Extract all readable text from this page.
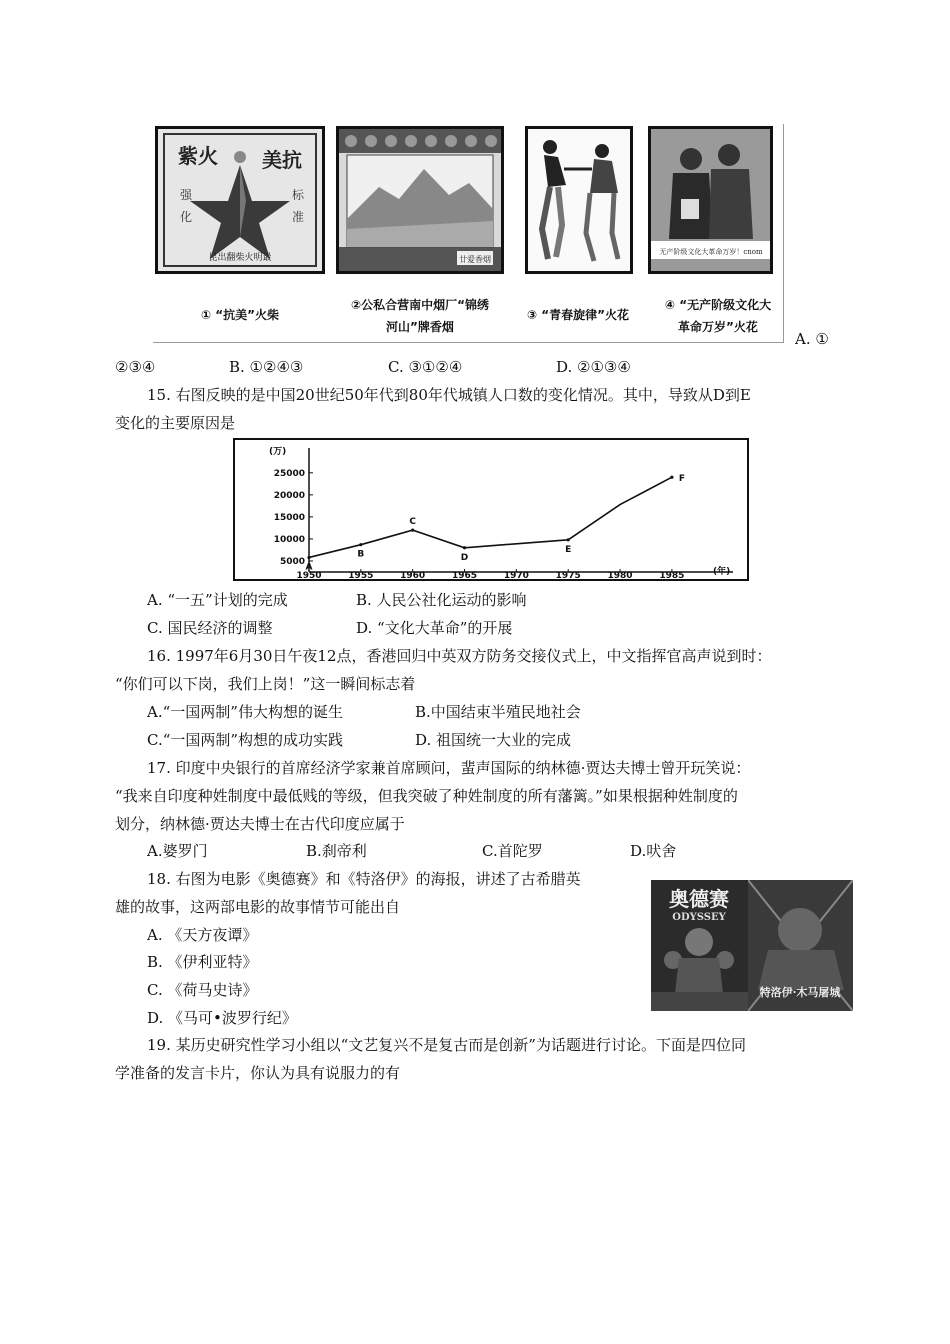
紫火 美抗
强
化
标
准
昆出翻柴火明最	廿爱香烟
无产阶级文化大革命万岁！cnom
① “抗美”火柴
②公私合营南中烟厂“锦绣
河山”牌香烟
③ “青春旋律”火花
④ “无产阶级文化大
革命万岁”火花
A. ①
②③④	B. ①②④③	C. ③①②④	D. ②①③④
15. 右图反映的是中国20世纪50年代到80年代城镇人口数的变化情况。其中，导致从D到E
变化的主要原因是
(万)
(年)
5000
10000
15000
20000
25000
1950	1955	1960	1965	1970	1975	1980	1985
A
B
C
D
E
F
A. “一五”计划的完成	B. 人民公社化运动的影响
C. 国民经济的调整	D. “文化大革命”的开展
16. 1997年6月30日午夜12点，香港回归中英双方防务交接仪式上，中文指挥官高声说到时：
“你们可以下岗，我们上岗！”这一瞬间标志着
A.“一国两制”伟大构想的诞生	B.中国结束半殖民地社会
C.“一国两制”构想的成功实践	D. 祖国统一大业的完成
17. 印度中央银行的首席经济学家兼首席顾问，蜚声国际的纳林德·贾达夫博士曾开玩笑说：
“我来自印度种姓制度中最低贱的等级，但我突破了种姓制度的所有藩篱。”如果根据种姓制度的
划分，纳林德·贾达夫博士在古代印度应属于
A.婆罗门	B.刹帝利	C.首陀罗	D.吠舍
18. 右图为电影《奥德赛》和《特洛伊》的海报，讲述了古希腊英
雄的故事，这两部电影的故事情节可能出自
A. 《天方夜谭》
B. 《伊利亚特》
C. 《荷马史诗》
D. 《马可•波罗行纪》
奥德赛
ODYSSEY
特洛伊·木马屠城
19. 某历史研究性学习小组以“文艺复兴不是复古而是创新”为话题进行讨论。下面是四位同
学准备的发言卡片，你认为具有说服力的有
